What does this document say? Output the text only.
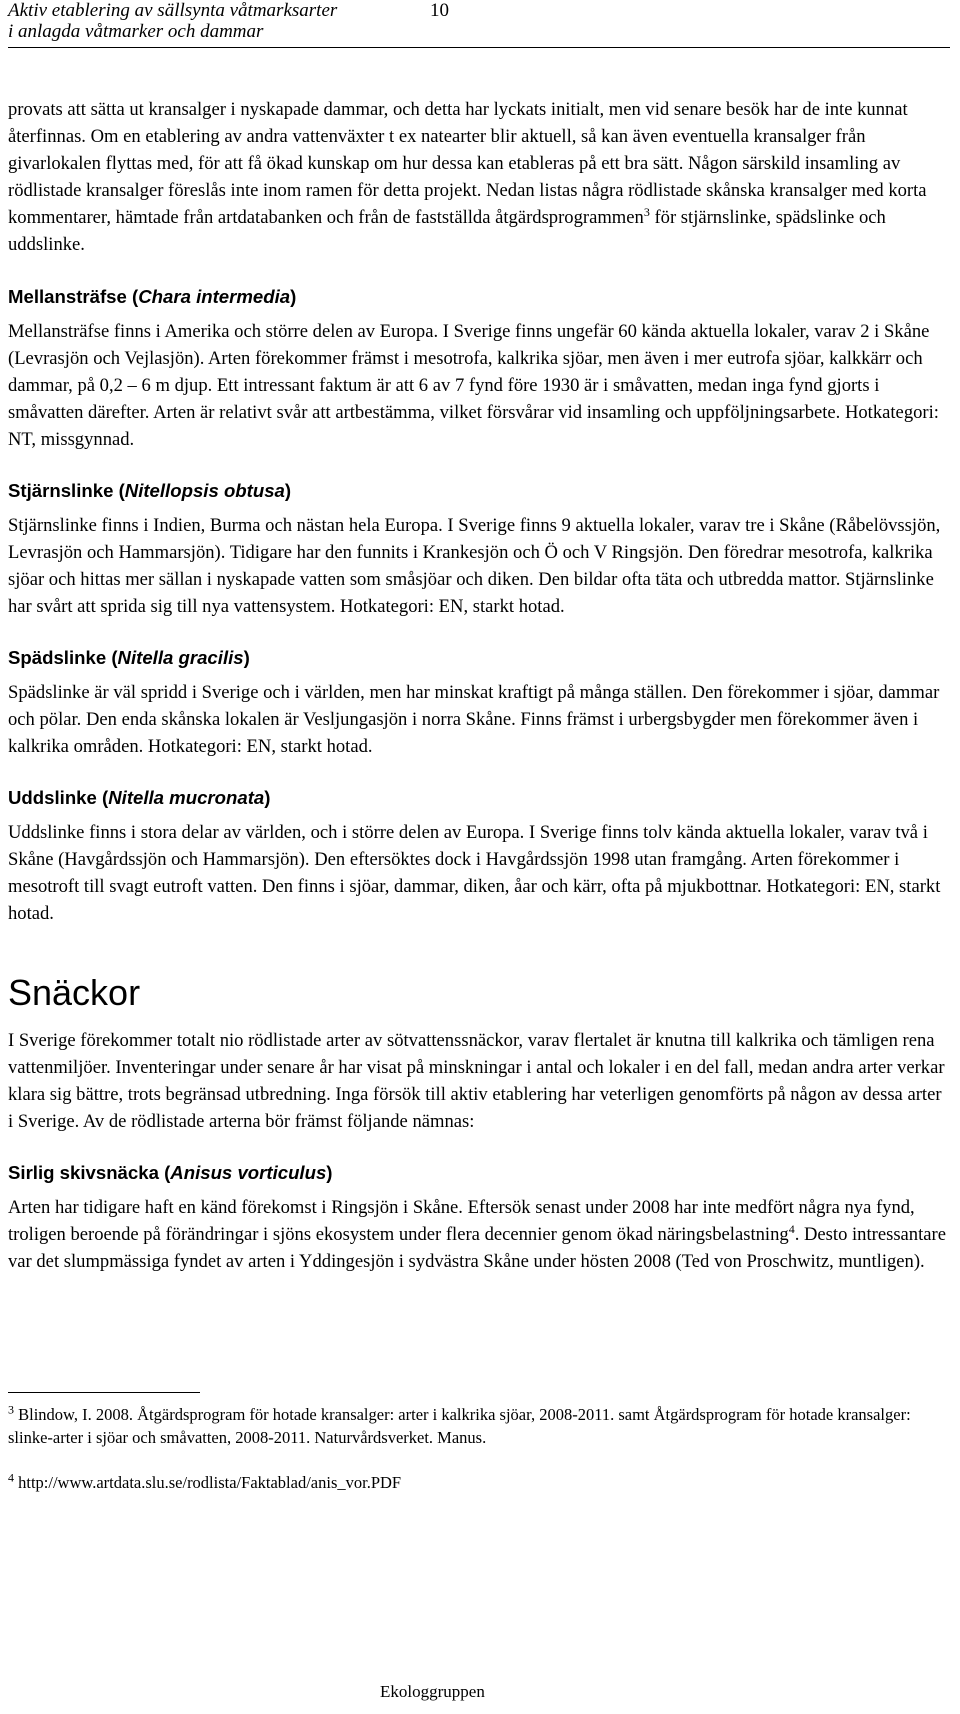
Aktiv etablering av sällsynta våtmarksarter
i anlagda våtmarker och dammar
10

provats att sätta ut kransalger i nyskapade dammar, och detta har lyckats initialt, men vid senare besök har de inte kunnat återfinnas. Om en etablering av andra vattenväxter t ex natearter blir aktuell, så kan även eventuella kransalger från givarlokalen flyttas med, för att få ökad kunskap om hur dessa kan etableras på ett bra sätt. Någon särskild insamling av rödlistade kransalger föreslås inte inom ramen för detta projekt. Nedan listas några rödlistade skånska kransalger med korta kommentarer, hämtade från artdatabanken och från de fastställda åtgärdsprogrammen$^3$ för stjärnslinke, spädslinke och uddslinke.

Mellansträfse (Chara intermedia)

Mellansträfse finns i Amerika och större delen av Europa. I Sverige finns ungefär 60 kända aktuella lokaler, varav 2 i Skåne (Levrasjön och Vejlasjön). Arten förekommer främst i mesotrofa, kalkrika sjöar, men även i mer eutrofa sjöar, kalkkärr och dammar, på 0,2 – 6 m djup. Ett intressant faktum är att 6 av 7 fynd före 1930 är i småvatten, medan inga fynd gjorts i småvatten därefter. Arten är relativt svår att artbestämma, vilket försvårar vid insamling och uppföljningsarbete. Hotkategori: NT, missgynnad.

Stjärnslinke (Nitellopsis obtusa)

Stjärnslinke finns i Indien, Burma och nästan hela Europa. I Sverige finns 9 aktuella lokaler, varav tre i Skåne (Råbelövssjön, Levrasjön och Hammarsjön). Tidigare har den funnits i Krankesjön och Ö och V Ringsjön. Den föredrar mesotrofa, kalkrika sjöar och hittas mer sällan i nyskapade vatten som småsjöar och diken. Den bildar ofta täta och utbredda mattor. Stjärnslinke har svårt att sprida sig till nya vattensystem. Hotkategori: EN, starkt hotad.

Spädslinke (Nitella gracilis)

Spädslinke är väl spridd i Sverige och i världen, men har minskat kraftigt på många ställen. Den förekommer i sjöar, dammar och pölar. Den enda skånska lokalen är Vesljungasjön i norra Skåne. Finns främst i urbergsbygder men förekommer även i kalkrika områden. Hotkategori: EN, starkt hotad.

Uddslinke (Nitella mucronata)

Uddslinke finns i stora delar av världen, och i större delen av Europa. I Sverige finns tolv kända aktuella lokaler, varav två i Skåne (Havgårdssjön och Hammarsjön). Den eftersöktes dock i Havgårdssjön 1998 utan framgång. Arten förekommer i mesotroft till svagt eutroft vatten. Den finns i sjöar, dammar, diken, åar och kärr, ofta på mjukbottnar. Hotkategori: EN, starkt hotad.

Snäckor

I Sverige förekommer totalt nio rödlistade arter av sötvattenssnäckor, varav flertalet är knutna till kalkrika och tämligen rena vattenmiljöer. Inventeringar under senare år har visat på minskningar i antal och lokaler i en del fall, medan andra arter verkar klara sig bättre, trots begränsad utbredning. Inga försök till aktiv etablering har veterligen genomförts på någon av dessa arter i Sverige. Av de rödlistade arterna bör främst följande nämnas:

Sirlig skivsnäcka (Anisus vorticulus)

Arten har tidigare haft en känd förekomst i Ringsjön i Skåne. Eftersök senast under 2008 har inte medfört några nya fynd, troligen beroende på förändringar i sjöns ekosystem under flera decennier genom ökad näringsbelastning$^4$. Desto intressantare var det slumpmässiga fyndet av arten i Yddingesjön i sydvästra Skåne under hösten 2008 (Ted von Proschwitz, muntligen).

$^3$ Blindow, I. 2008. Åtgärdsprogram för hotade kransalger: arter i kalkrika sjöar, 2008-2011. samt Åtgärdsprogram för hotade kransalger: slinke-arter i sjöar och småvatten, 2008-2011. Naturvårdsverket. Manus.
$^4$ http://www.artdata.slu.se/rodlista/Faktablad/anis_vor.PDF
Ekologgruppen
